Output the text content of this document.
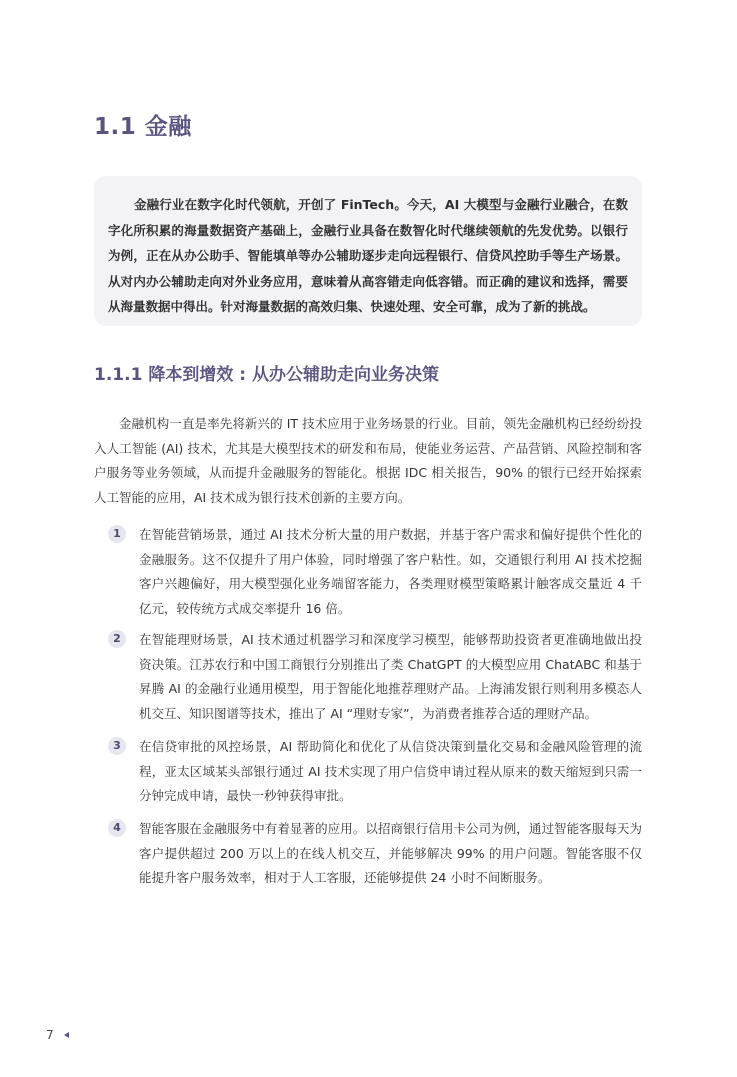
1.1 金融

金融行业在数字化时代领航，开创了 FinTech。今天，AI 大模型与金融行业融合，在数字化所积累的海量数据资产基础上，金融行业具备在数智化时代继续领航的先发优势。以银行为例，正在从办公助手、智能填单等办公辅助逐步走向远程银行、信贷风控助手等生产场景。从对内办公辅助走向对外业务应用，意味着从高容错走向低容错。而正确的建议和选择，需要从海量数据中得出。针对海量数据的高效归集、快速处理、安全可靠，成为了新的挑战。

1.1.1 降本到增效 : 从办公辅助走向业务决策

金融机构一直是率先将新兴的 IT 技术应用于业务场景的行业。目前，领先金融机构已经纷纷投入人工智能 (AI) 技术，尤其是大模型技术的研发和布局，使能业务运营、产品营销、风险控制和客户服务等业务领域，从而提升金融服务的智能化。根据 IDC 相关报告，90% 的银行已经开始探索人工智能的应用，AI 技术成为银行技术创新的主要方向。

1	在智能营销场景，通过 AI 技术分析大量的用户数据，并基于客户需求和偏好提供个性化的金融服务。这不仅提升了用户体验，同时增强了客户粘性。如，交通银行利用 AI 技术挖掘客户兴趣偏好，用大模型强化业务端留客能力，各类理财模型策略累计触客成交量近 4 千亿元，较传统方式成交率提升 16 倍。

2	在智能理财场景，AI 技术通过机器学习和深度学习模型，能够帮助投资者更准确地做出投资决策。江苏农行和中国工商银行分别推出了类 ChatGPT 的大模型应用 ChatABC 和基于昇腾 AI 的金融行业通用模型，用于智能化地推荐理财产品。上海浦发银行则利用多模态人机交互、知识图谱等技术，推出了 AI “理财专家”，为消费者推荐合适的理财产品。

3	在信贷审批的风控场景，AI 帮助简化和优化了从信贷决策到量化交易和金融风险管理的流程，亚太区域某头部银行通过 AI 技术实现了用户信贷申请过程从原来的数天缩短到只需一分钟完成申请，最快一秒钟获得审批。

4	智能客服在金融服务中有着显著的应用。以招商银行信用卡公司为例，通过智能客服每天为客户提供超过 200 万以上的在线人机交互，并能够解决 99% 的用户问题。智能客服不仅能提升客户服务效率，相对于人工客服，还能够提供 24 小时不间断服务。

7
